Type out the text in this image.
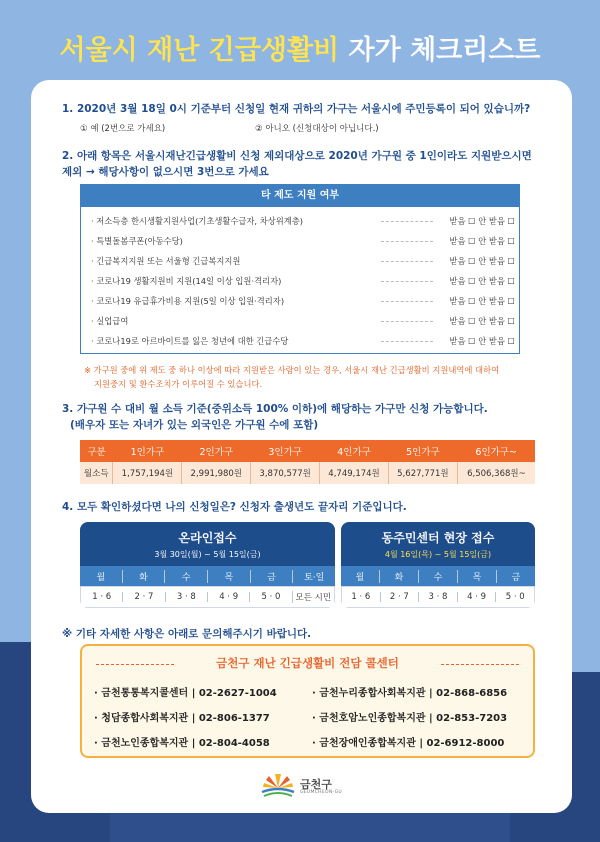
서울시 재난 긴급생활비 자가 체크리스트
1. 2020년 3월 18일 0시 기준부터 신청일 현재 귀하의 가구는 서울시에 주민등록이 되어 있습니까?
① 예 (2번으로 가세요)	② 아니오 (신청대상이 아닙니다.)
2. 아래 항목은 서울시재난긴급생활비 신청 제외대상으로 2020년 가구원 중 1인이라도 지원받으시면
제외 → 해당사항이 없으시면 3번으로 가세요
타 제도 지원 여부
· 저소득층 한시생활지원사업(기초생활수급자, 차상위계층)	받음 ☐ 안 받음 ☐
· 특별돌봄쿠폰(아동수당)	받음 ☐ 안 받음 ☐
· 긴급복지지원 또는 서울형 긴급복지지원	받음 ☐ 안 받음 ☐
· 코로나19 생활지원비 지원(14일 이상 입원·격리자)	받음 ☐ 안 받음 ☐
· 코로나19 유급휴가비용 지원(5일 이상 입원·격리자)	받음 ☐ 안 받음 ☐
· 실업급여	받음 ☐ 안 받음 ☐
· 코로나19로 아르바이트를 잃은 청년에 대한 긴급수당	받음 ☐ 안 받음 ☐
※ 가구원 중에 위 제도 중 하나 이상에 따라 지원받은 사람이 있는 경우, 서울시 재난 긴급생활비 지원내역에 대하여
지원중지 및 환수조치가 이루어질 수 있습니다.
3. 가구원 수 대비 월 소득 기준(중위소득 100% 이하)에 해당하는 가구만 신청 가능합니다.
(배우자 또는 자녀가 있는 외국인은 가구원 수에 포함)
구분	1인가구	2인가구	3인가구	4인가구	5인가구	6인가구~
월소득	1,757,194원	2,991,980원	3,870,577원	4,749,174원	5,627,771원	6,506,368원~
4. 모두 확인하셨다면 나의 신청일은? 신청자 출생년도 끝자리 기준입니다.
온라인접수
3월 30일(월) ~ 5월 15일(금)
월	화	수	목	금	토·일
1 · 6	2 · 7	3 · 8	4 · 9	5 · 0	모든 시민
동주민센터 현장 접수
4월 16일(목) ~ 5월 15일(금)
월	화	수	목	금
1 · 6	2 · 7	3 · 8	4 · 9	5 · 0
※ 기타 자세한 사항은 아래로 문의해주시기 바랍니다.
금천구 재난 긴급생활비 전담 콜센터
· 금천통통복지콜센터 | 02-2627-1004	· 금천누리종합사회복지관 | 02-868-6856
· 청담종합사회복지관 | 02-806-1377	· 금천호암노인종합복지관 | 02-853-7203
· 금천노인종합복지관 | 02-804-4058	· 금천장애인종합복지관 | 02-6912-8000
금천구
GEUMCHEON-GU
